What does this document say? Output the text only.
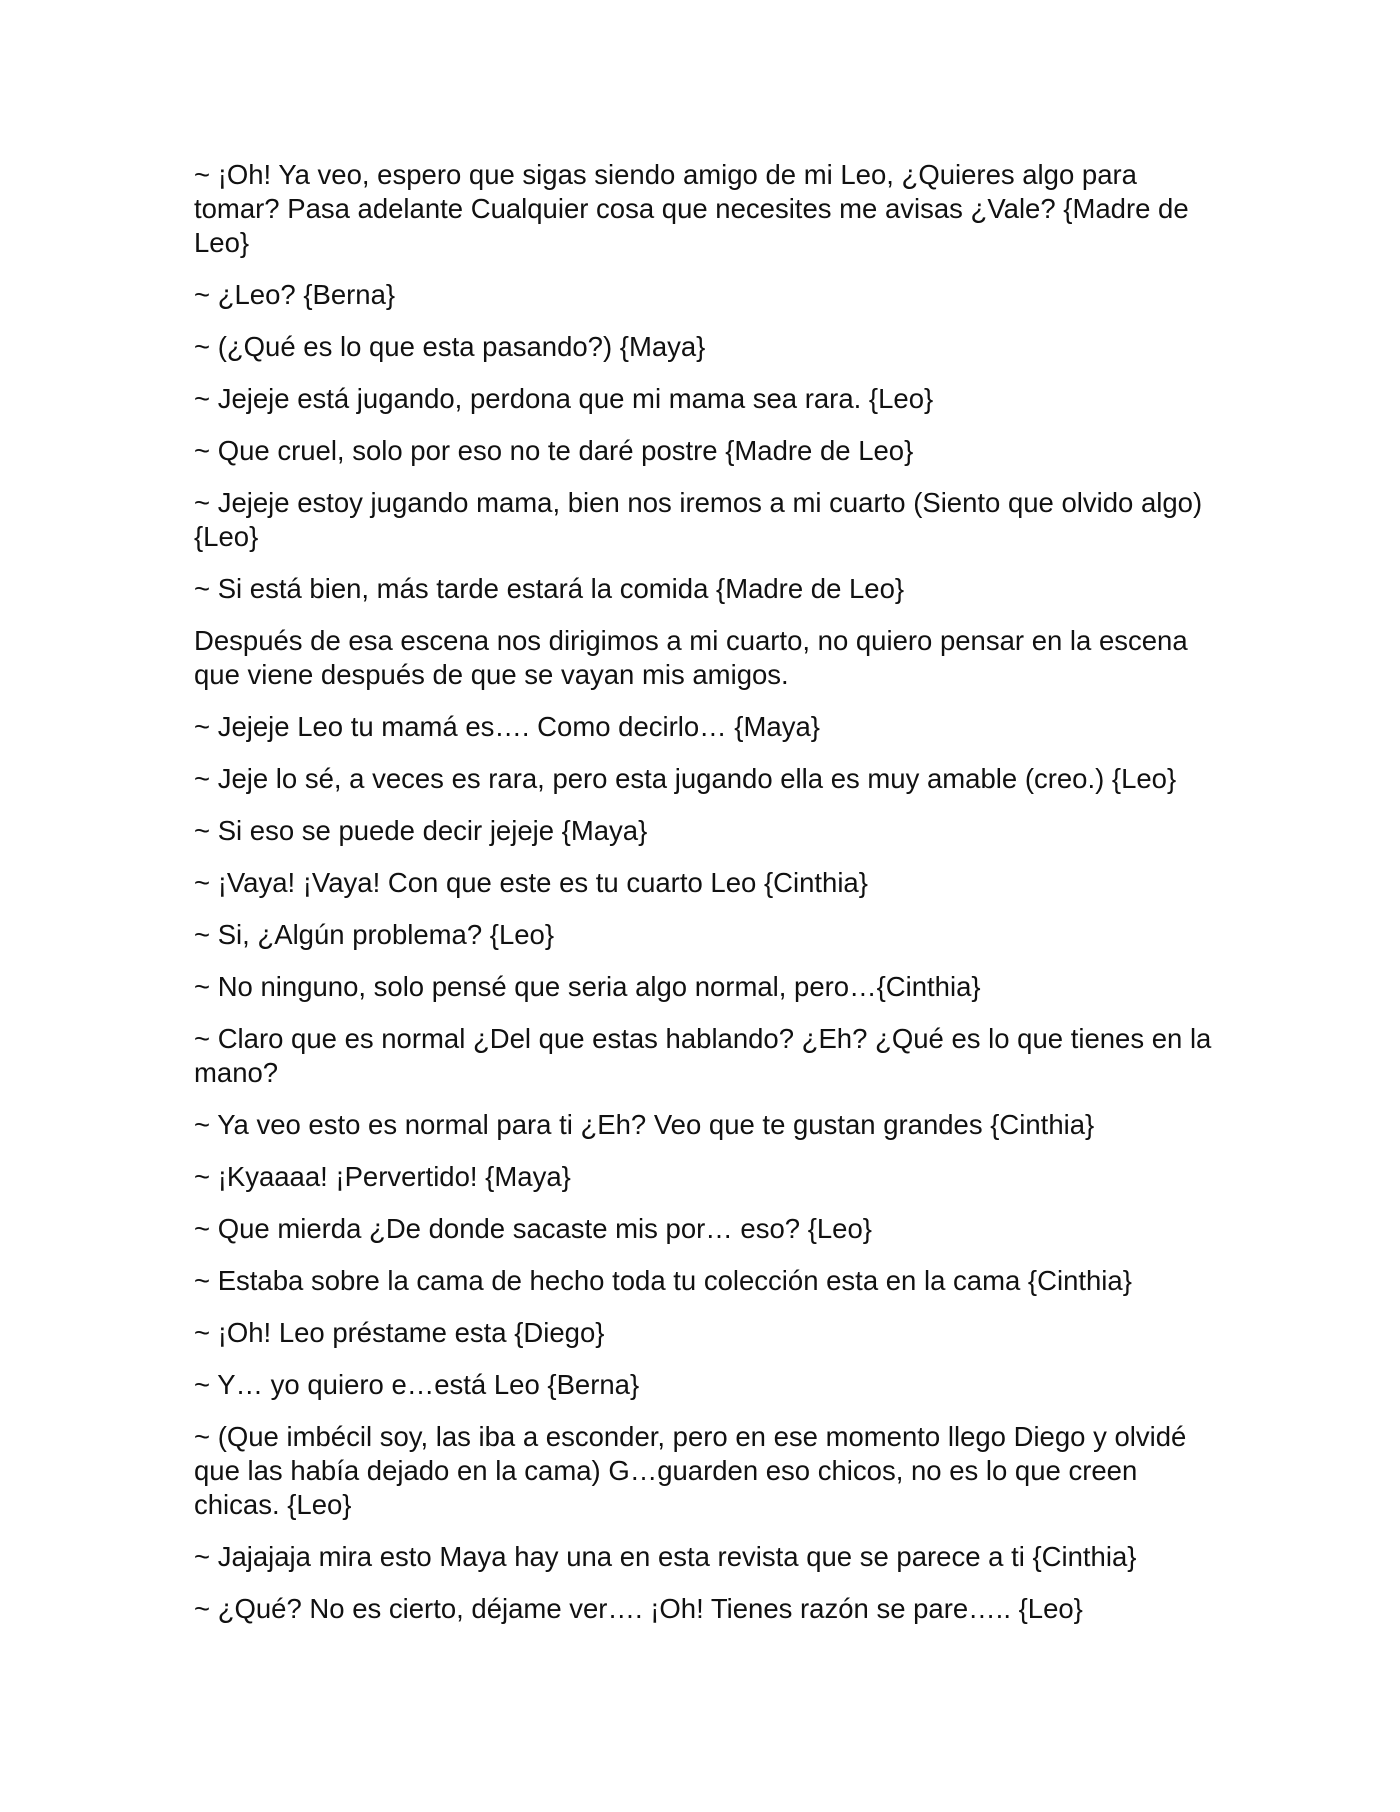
~ ¡Oh! Ya veo, espero que sigas siendo amigo de mi Leo, ¿Quieres algo para tomar? Pasa adelante Cualquier cosa que necesites me avisas ¿Vale? {Madre de Leo}

~ ¿Leo? {Berna}

~ (¿Qué es lo que esta pasando?) {Maya}

~ Jejeje está jugando, perdona que mi mama sea rara. {Leo}

~ Que cruel, solo por eso no te daré postre {Madre de Leo}

~ Jejeje estoy jugando mama, bien nos iremos a mi cuarto (Siento que olvido algo) {Leo}

~ Si está bien, más tarde estará la comida {Madre de Leo}

Después de esa escena nos dirigimos a mi cuarto, no quiero pensar en la escena que viene después de que se vayan mis amigos.

~ Jejeje Leo tu mamá es…. Como decirlo… {Maya}

~ Jeje lo sé, a veces es rara, pero esta jugando ella es muy amable (creo.) {Leo}

~ Si eso se puede decir jejeje {Maya}

~ ¡Vaya! ¡Vaya! Con que este es tu cuarto Leo {Cinthia}

~ Si, ¿Algún problema? {Leo}

~ No ninguno, solo pensé que seria algo normal, pero…{Cinthia}

~ Claro que es normal ¿Del que estas hablando? ¿Eh? ¿Qué es lo que tienes en la mano?

~ Ya veo esto es normal para ti ¿Eh? Veo que te gustan grandes {Cinthia}

~ ¡Kyaaaa! ¡Pervertido! {Maya}

~ Que mierda ¿De donde sacaste mis por… eso? {Leo}

~ Estaba sobre la cama de hecho toda tu colección esta en la cama {Cinthia}

~ ¡Oh! Leo préstame esta {Diego}

~ Y… yo quiero e…está Leo {Berna}

~ (Que imbécil soy, las iba a esconder, pero en ese momento llego Diego y olvidé que las había dejado en la cama) G…guarden eso chicos, no es lo que creen chicas. {Leo}

~ Jajajaja mira esto Maya hay una en esta revista que se parece a ti {Cinthia}

~ ¿Qué? No es cierto, déjame ver…. ¡Oh! Tienes razón se pare….. {Leo}
